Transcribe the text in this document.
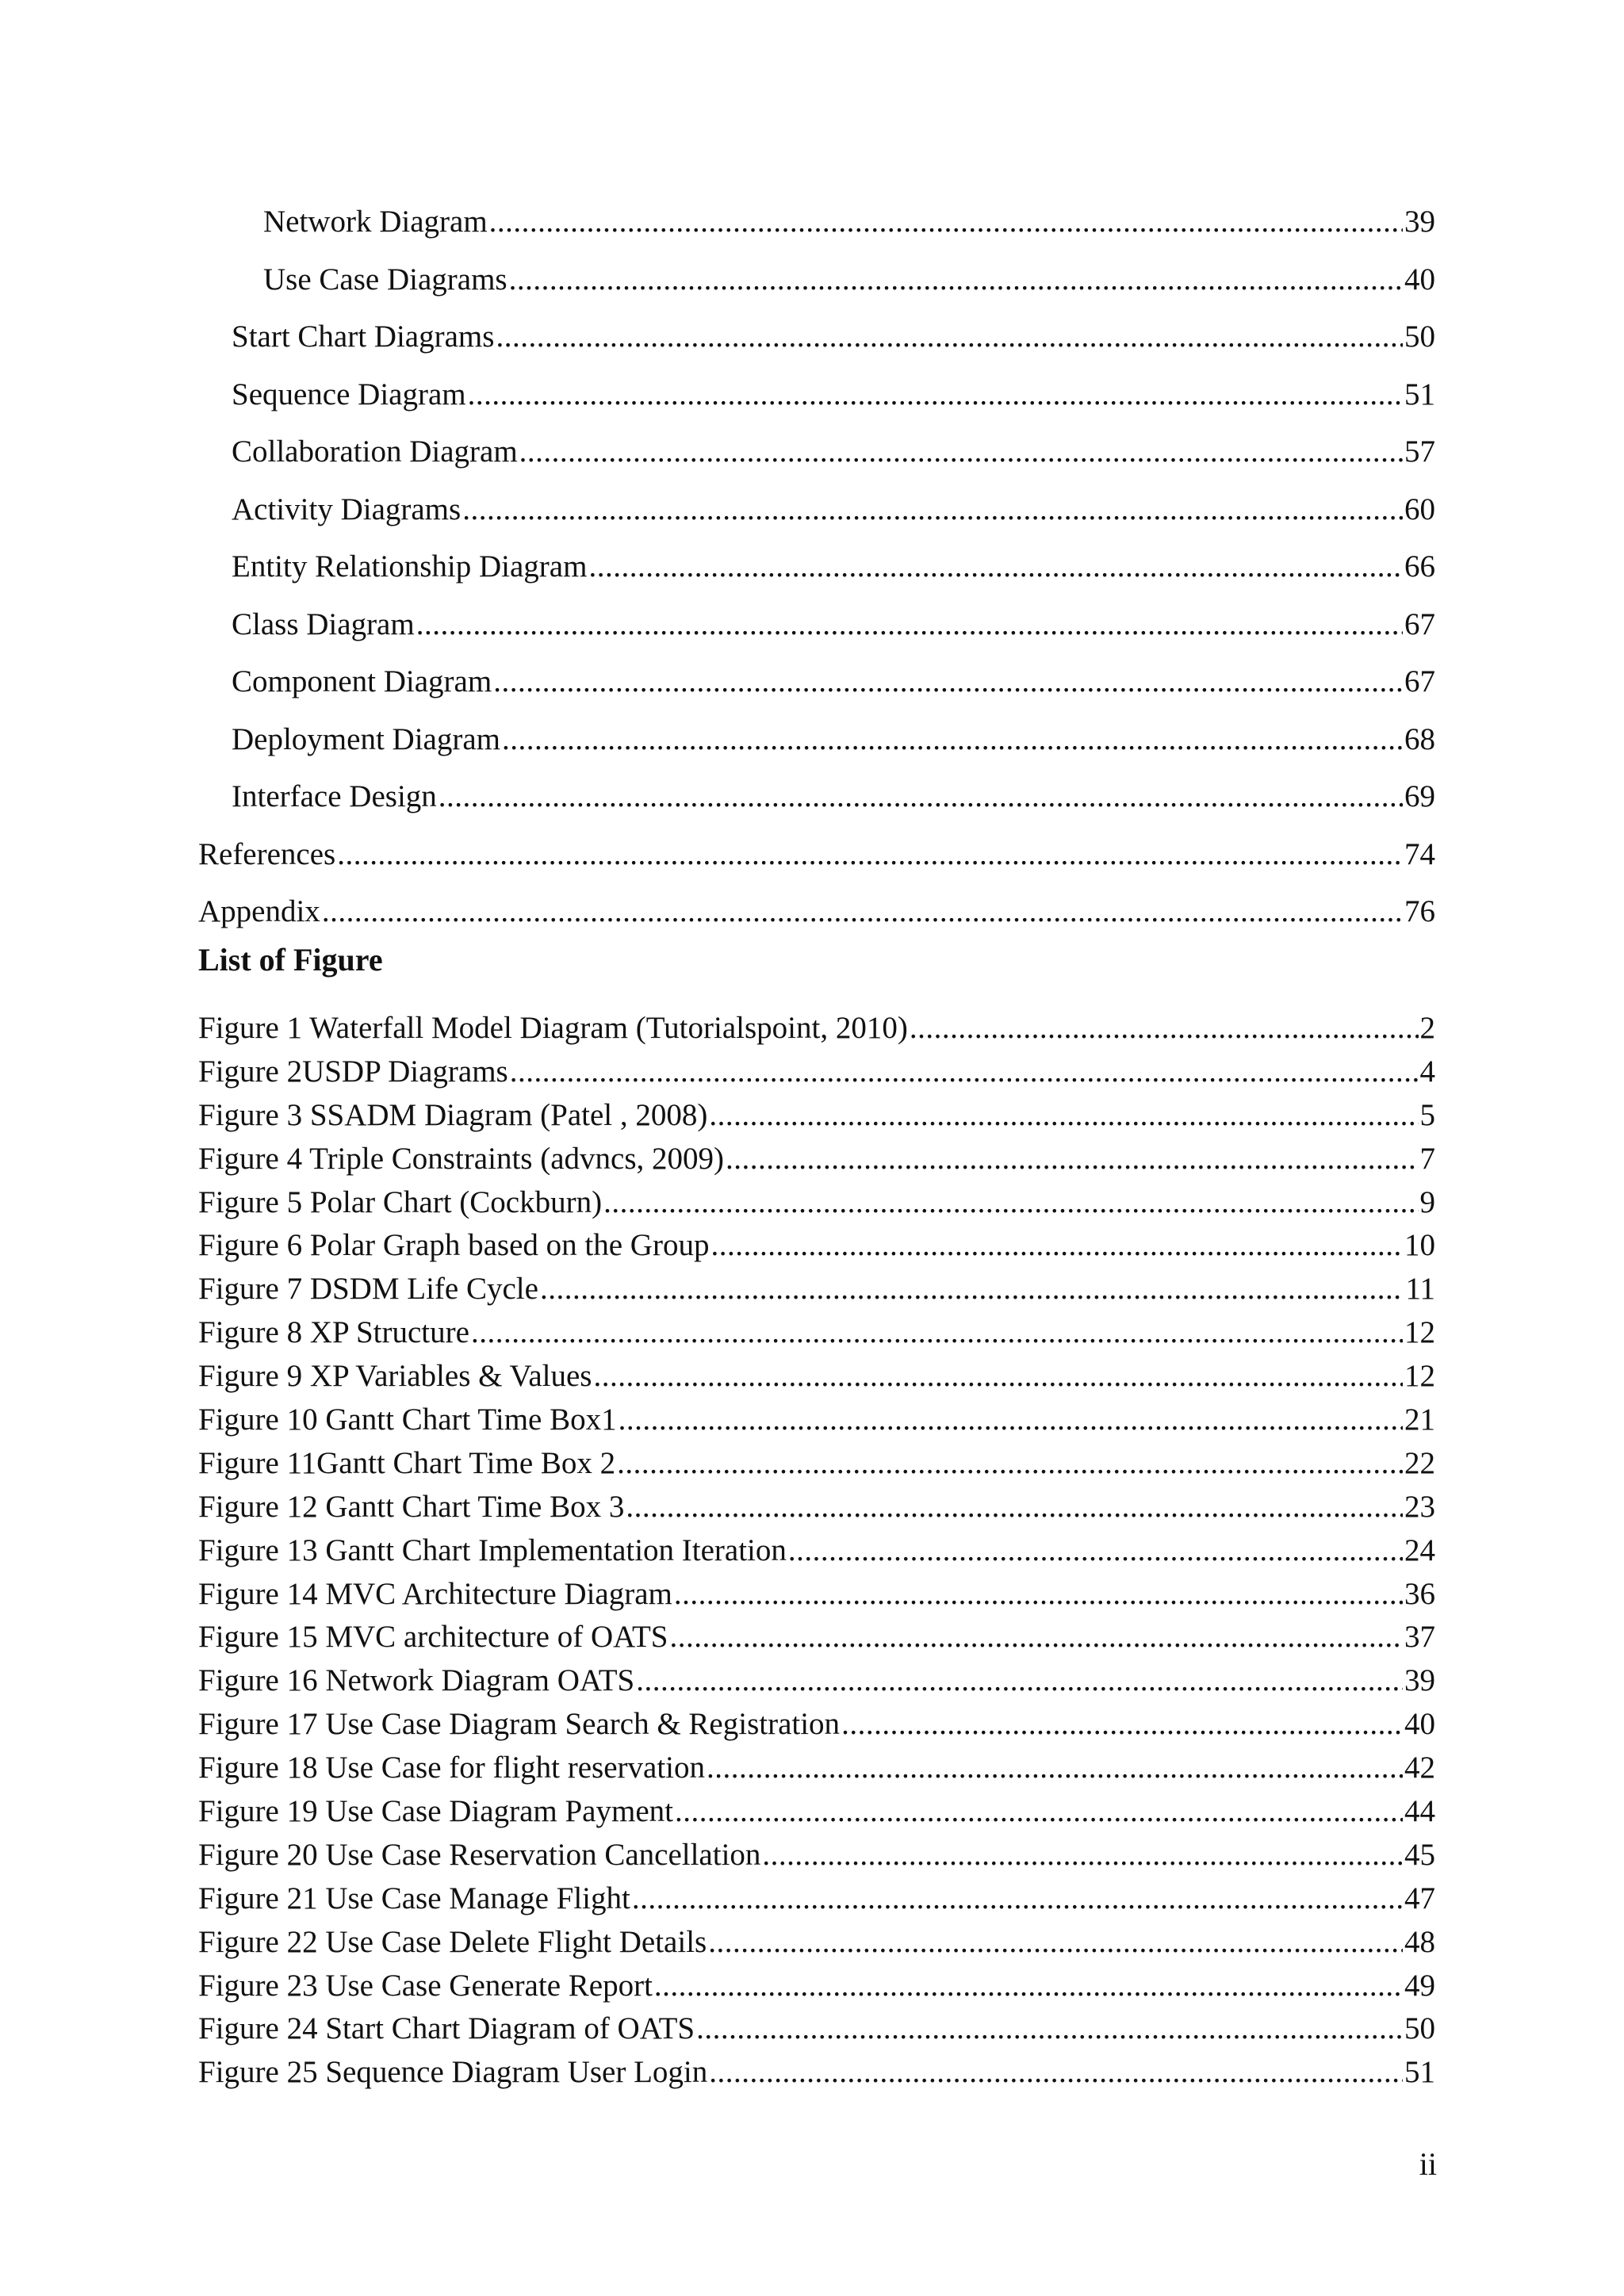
Network Diagram .....	39
Use Case Diagrams .....	40
Start Chart Diagrams .....	50
Sequence Diagram .....	51
Collaboration Diagram .....	57
Activity Diagrams .....	60
Entity Relationship Diagram .....	66
Class Diagram .....	67
Component Diagram .....	67
Deployment Diagram .....	68
Interface Design .....	69
References .....	74
Appendix .....	76
List of Figure
Figure 1 Waterfall Model Diagram (Tutorialspoint, 2010) .....	2
Figure 2USDP Diagrams .....	4
Figure 3 SSADM Diagram (Patel , 2008) .....	5
Figure 4 Triple Constraints (advncs, 2009) .....	7
Figure 5 Polar Chart (Cockburn) .....	9
Figure 6 Polar Graph based on the Group .....	10
Figure 7 DSDM Life Cycle .....	11
Figure 8 XP Structure .....	12
Figure 9 XP Variables & Values .....	12
Figure 10 Gantt Chart Time Box1 .....	21
Figure 11Gantt Chart Time Box 2 .....	22
Figure 12 Gantt Chart Time Box 3 .....	23
Figure 13 Gantt Chart Implementation Iteration .....	24
Figure 14 MVC Architecture Diagram .....	36
Figure 15 MVC architecture of OATS .....	37
Figure 16 Network Diagram OATS .....	39
Figure 17 Use Case Diagram Search & Registration .....	40
Figure 18 Use Case for flight reservation .....	42
Figure 19 Use Case Diagram Payment .....	44
Figure 20 Use Case Reservation Cancellation .....	45
Figure 21 Use Case Manage Flight .....	47
Figure 22 Use Case Delete Flight Details .....	48
Figure 23 Use Case Generate Report .....	49
Figure 24 Start Chart Diagram of OATS .....	50
Figure 25 Sequence Diagram User Login .....	51
ii
